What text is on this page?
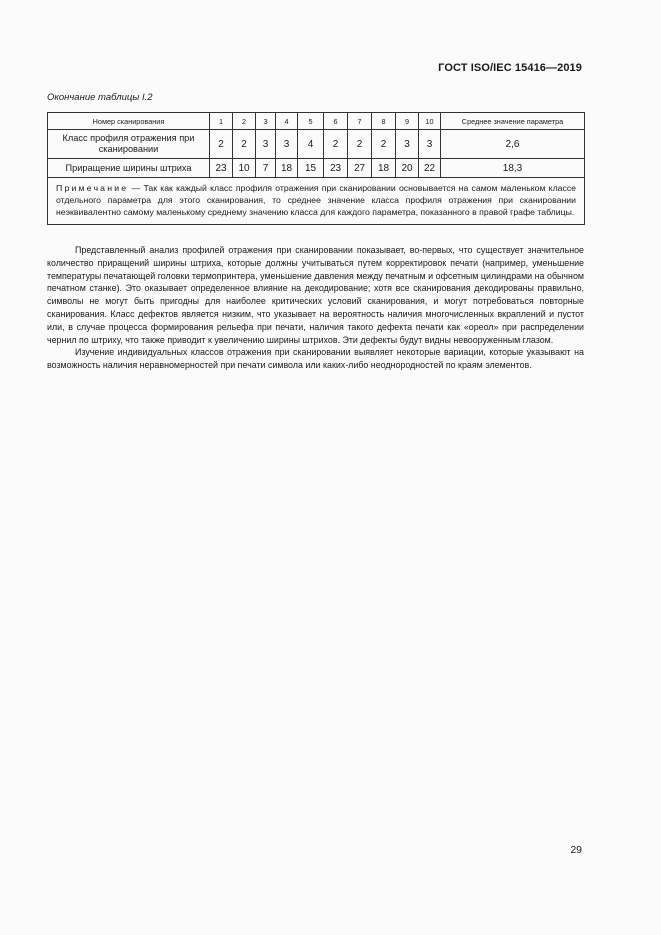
ГОСТ ISO/IEC 15416—2019
Окончание таблицы I.2
Номер сканирования	1	2	3	4	5	6	7	8	9	10	Среднее значение параметра
Класс профиля отражения при сканировании	2	2	3	3	4	2	2	2	3	3	2,6
Приращение ширины штриха	23	10	7	18	15	23	27	18	20	22	18,3
Примечание — Так как каждый класс профиля отражения при сканировании основывается на самом маленьком классе отдельного параметра для этого сканирования, то среднее значение класса профиля отражения при сканировании неэквивалентно самому маленькому среднему значению класса для каждого параметра, показанного в правой графе таблицы.											

Представленный анализ профилей отражения при сканировании показывает, во-первых, что существует значительное количество приращений ширины штриха, которые должны учитываться путем корректировок печати (например, уменьшение температуры печатающей головки термопринтера, уменьшение давления между печатным и офсетным цилиндрами на обычном печатном станке). Это оказывает определенное влияние на декодирование; хотя все сканирования декодированы правильно, символы не могут быть пригодны для наиболее критических условий сканирования, и могут потребоваться повторные сканирования. Класс дефектов является низким, что указывает на вероятность наличия многочисленных вкраплений и пустот или, в случае процесса формирования рельефа при печати, наличия такого дефекта печати как «ореол» при распределении чернил по штриху, что также приводит к увеличению ширины штрихов. Эти дефекты будут видны невооруженным глазом.

Изучение индивидуальных классов отражения при сканировании выявляет некоторые вариации, которые указывают на возможность наличия неравномерностей при печати символа или каких-либо неоднородностей по краям элементов.

29
